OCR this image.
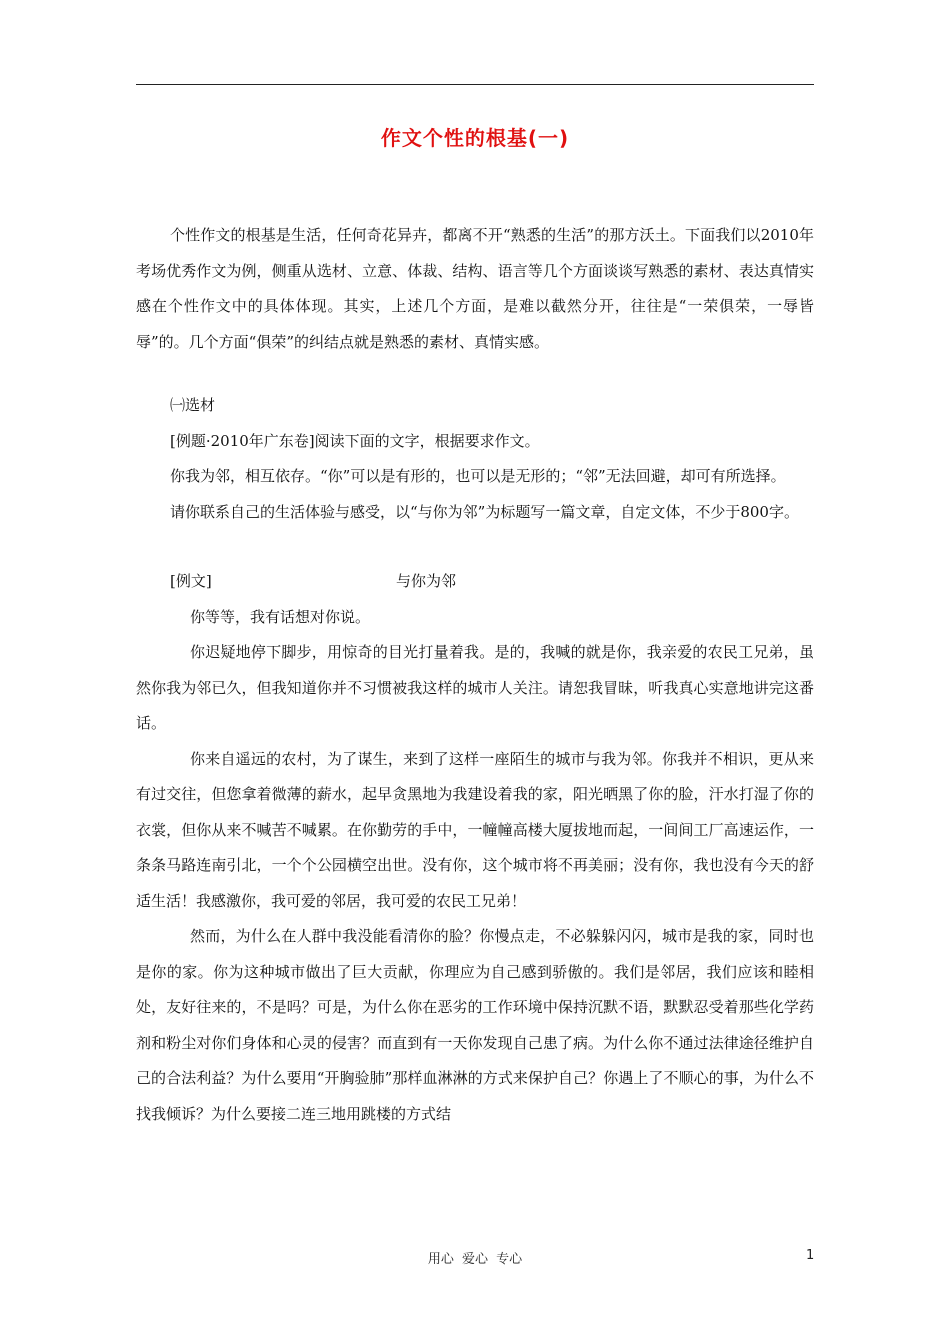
作文个性的根基(一)

个性作文的根基是生活，任何奇花异卉，都离不开“熟悉的生活”的那方沃土。下面我们以2010年考场优秀作文为例，侧重从选材、立意、体裁、结构、语言等几个方面谈谈写熟悉的素材、表达真情实感在个性作文中的具体体现。其实，上述几个方面，是难以截然分开，往往是“一荣俱荣，一辱皆辱”的。几个方面“俱荣”的纠结点就是熟悉的素材、真情实感。

㈠选材

[例题·2010年广东卷]阅读下面的文字，根据要求作文。

你我为邻，相互依存。“你”可以是有形的，也可以是无形的；“邻”无法回避，却可有所选择。

请你联系自己的生活体验与感受，以“与你为邻”为标题写一篇文章，自定文体，不少于800字。

[例文]	与你为邻

你等等，我有话想对你说。

你迟疑地停下脚步，用惊奇的目光打量着我。是的，我喊的就是你，我亲爱的农民工兄弟，虽然你我为邻已久，但我知道你并不习惯被我这样的城市人关注。请恕我冒昧，听我真心实意地讲完这番话。

你来自遥远的农村，为了谋生，来到了这样一座陌生的城市与我为邻。你我并不相识，更从来有过交往，但您拿着微薄的薪水，起早贪黑地为我建设着我的家，阳光晒黑了你的脸，汗水打湿了你的衣裳，但你从来不喊苦不喊累。在你勤劳的手中，一幢幢高楼大厦拔地而起，一间间工厂高速运作，一条条马路连南引北，一个个公园横空出世。没有你，这个城市将不再美丽；没有你，我也没有今天的舒适生活！我感激你，我可爱的邻居，我可爱的农民工兄弟！

然而，为什么在人群中我没能看清你的脸？你慢点走，不必躲躲闪闪，城市是我的家，同时也是你的家。你为这种城市做出了巨大贡献，你理应为自己感到骄傲的。我们是邻居，我们应该和睦相处，友好往来的，不是吗？可是，为什么你在恶劣的工作环境中保持沉默不语，默默忍受着那些化学药剂和粉尘对你们身体和心灵的侵害？而直到有一天你发现自己患了病。为什么你不通过法律途径维护自己的合法利益？为什么要用“开胸验肺”那样血淋淋的方式来保护自己？你遇上了不顺心的事，为什么不找我倾诉？为什么要接二连三地用跳楼的方式结

用心 爱心 专心	1
